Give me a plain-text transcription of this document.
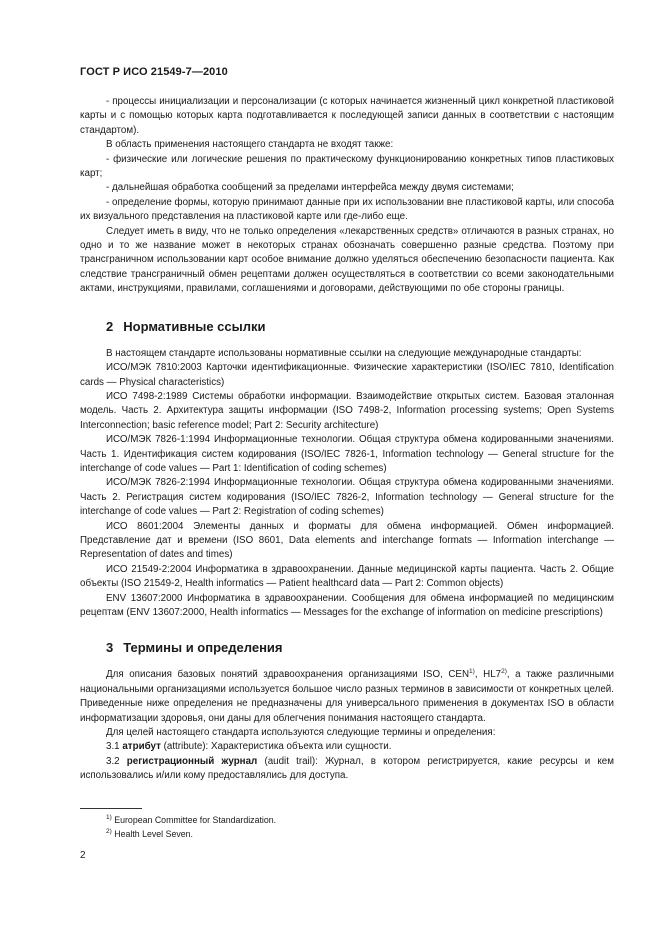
ГОСТ Р ИСО 21549-7—2010

- процессы инициализации и персонализации (с которых начинается жизненный цикл конкретной пластиковой карты и с помощью которых карта подготавливается к последующей записи данных в соответствии с настоящим стандартом).

В область применения настоящего стандарта не входят также:

- физические или логические решения по практическому функционированию конкретных типов пластиковых карт;

- дальнейшая обработка сообщений за пределами интерфейса между двумя системами;

- определение формы, которую принимают данные при их использовании вне пластиковой карты, или способа их визуального представления на пластиковой карте или где-либо еще.

Следует иметь в виду, что не только определения «лекарственных средств» отличаются в разных странах, но одно и то же название может в некоторых странах обозначать совершенно разные средства. Поэтому при трансграничном использовании карт особое внимание должно уделяться обеспечению безопасности пациента. Как следствие трансграничный обмен рецептами должен осуществляться в соответствии со всеми законодательными актами, инструкциями, правилами, соглашениями и договорами, действующими по обе стороны границы.

2 Нормативные ссылки

В настоящем стандарте использованы нормативные ссылки на следующие международные стандарты:

ИСО/МЭК 7810:2003 Карточки идентификационные. Физические характеристики (ISO/IEC 7810, Identification cards — Physical characteristics)

ИСО 7498-2:1989 Системы обработки информации. Взаимодействие открытых систем. Базовая эталонная модель. Часть 2. Архитектура защиты информации (ISO 7498-2, Information processing systems; Open Systems Interconnection; basic reference model; Part 2: Security architecture)

ИСО/МЭК 7826-1:1994 Информационные технологии. Общая структура обмена кодированными значениями. Часть 1. Идентификация систем кодирования (ISO/IEC 7826-1, Information technology — General structure for the interchange of code values — Part 1: Identification of coding schemes)

ИСО/МЭК 7826-2:1994 Информационные технологии. Общая структура обмена кодированными значениями. Часть 2. Регистрация систем кодирования (ISO/IEC 7826-2, Information technology — General structure for the interchange of code values — Part 2: Registration of coding schemes)

ИСО 8601:2004 Элементы данных и форматы для обмена информацией. Обмен информацией. Представление дат и времени (ISO 8601, Data elements and interchange formats — Information interchange — Representation of dates and times)

ИСО 21549-2:2004 Информатика в здравоохранении. Данные медицинской карты пациента. Часть 2. Общие объекты (ISO 21549-2, Health informatics — Patient healthcard data — Part 2: Common objects)

ENV 13607:2000 Информатика в здравоохранении. Сообщения для обмена информацией по медицинским рецептам (ENV 13607:2000, Health informatics — Messages for the exchange of information on medicine prescriptions)

3 Термины и определения

Для описания базовых понятий здравоохранения организациями ISO, CEN$^{1)}$, HL7$^{2)}$, а также различными национальными организациями используется большое число разных терминов в зависимости от конкретных целей. Приведенные ниже определения не предназначены для универсального применения в документах ISO в области информатизации здоровья, они даны для облегчения понимания настоящего стандарта.

Для целей настоящего стандарта используются следующие термины и определения:

3.1 атрибут (attribute): Характеристика объекта или сущности.

3.2 регистрационный журнал (audit trail): Журнал, в котором регистрируется, какие ресурсы и кем использовались и/или кому предоставлялись для доступа.

$^{1)}$ European Committee for Standardization.
$^{2)}$ Health Level Seven.
2
